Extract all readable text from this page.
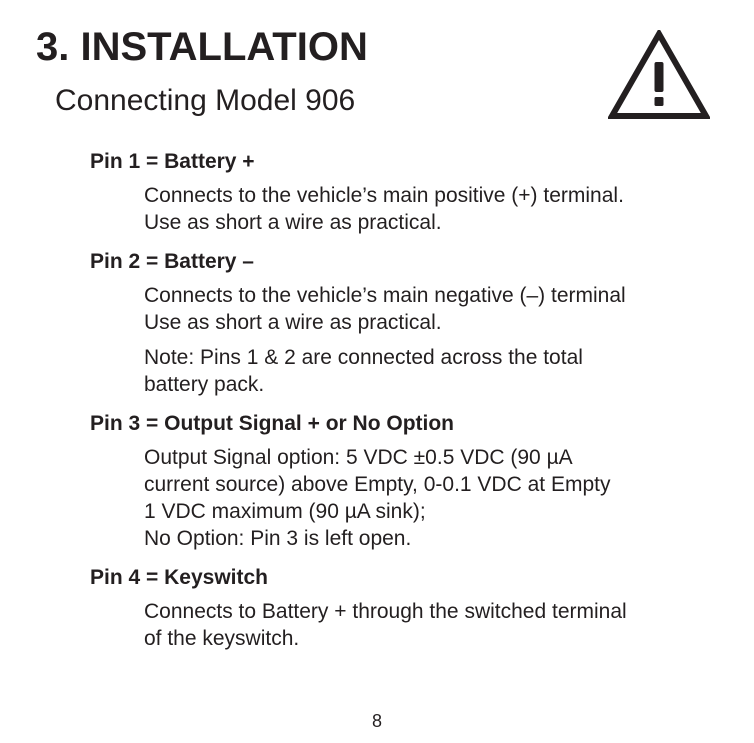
3. INSTALLATION
Connecting Model 906

Pin 1 = Battery +

Connects to the vehicle’s main positive (+) terminal.
Use as short a wire as practical.

Pin 2 = Battery –

Connects to the vehicle’s main negative (–) terminal
Use as short a wire as practical.
Note: Pins 1 & 2 are connected across the total
battery pack.

Pin 3 = Output Signal + or No Option

Output Signal option: 5 VDC ±0.5 VDC (90 µA
current source) above Empty, 0-0.1 VDC at Empty
1 VDC maximum (90 µA sink);
No Option: Pin 3 is left open.

Pin 4 = Keyswitch

Connects to Battery + through the switched terminal
of the keyswitch.
8
